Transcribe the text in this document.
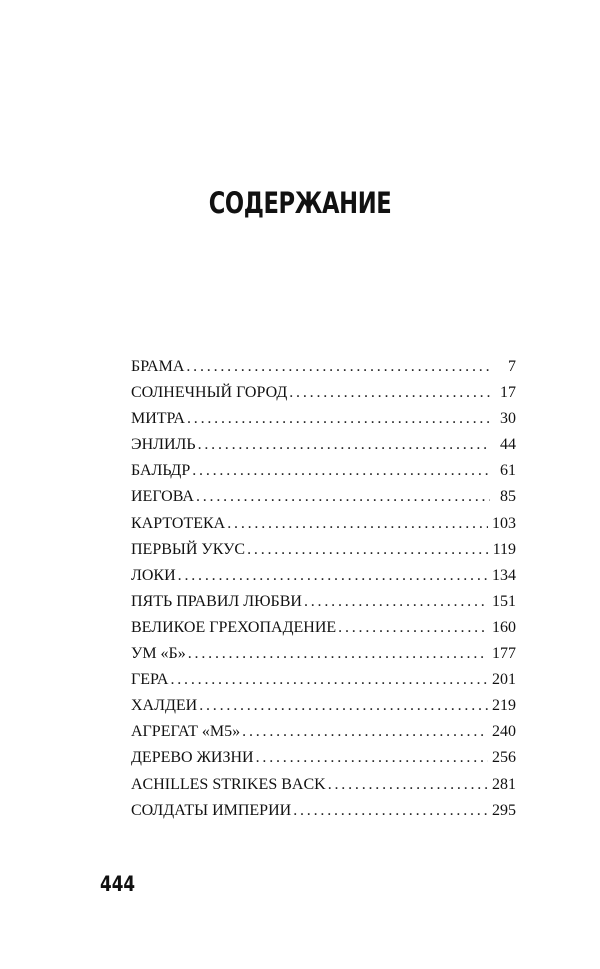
СОДЕРЖАНИЕ
БРАМА . . .	7
СОЛНЕЧНЫЙ ГОРОД . . .	17
МИТРА . . .	30
ЭНЛИЛЬ . . .	44
БАЛЬДР . . .	61
ИЕГОВА . . .	85
КАРТОТЕКА . . .	103
ПЕРВЫЙ УКУС . . .	119
ЛОКИ . . .	134
ПЯТЬ ПРАВИЛ ЛЮБВИ . . .	151
ВЕЛИКОЕ ГРЕХОПАДЕНИЕ . . .	160
УМ «Б» . . .	177
ГЕРА . . .	201
ХАЛДЕИ . . .	219
АГРЕГАТ «М5» . . .	240
ДЕРЕВО ЖИЗНИ . . .	256
ACHILLES STRIKES BACK . . .	281
СОЛДАТЫ ИМПЕРИИ . . .	295
444
